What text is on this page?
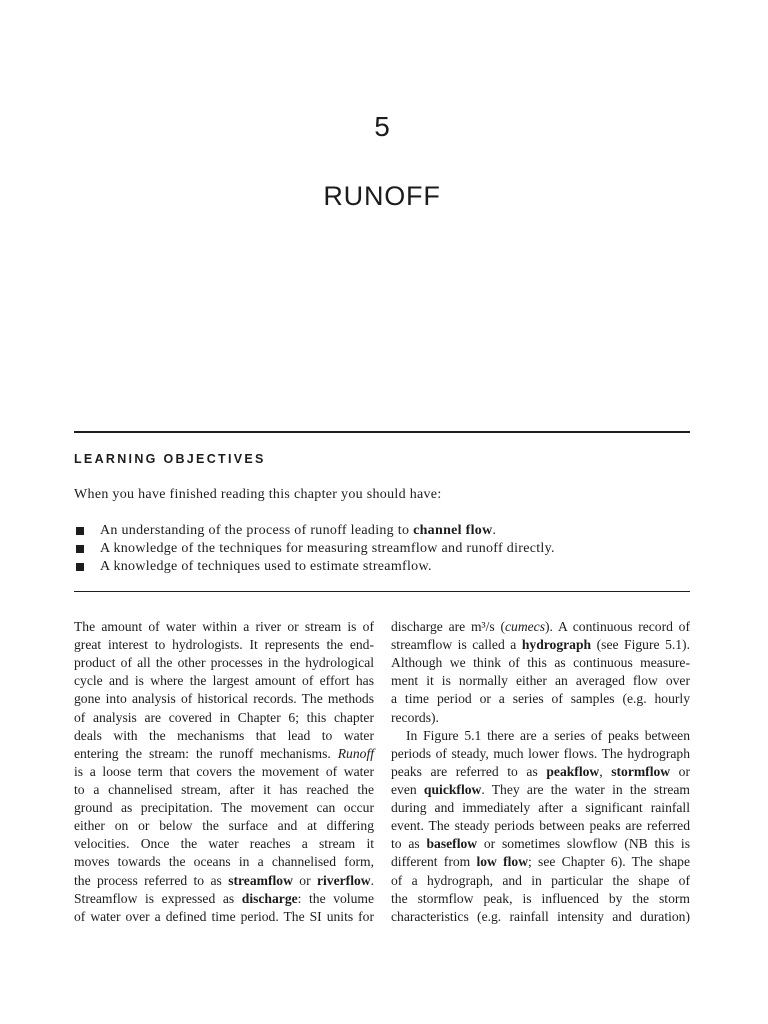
5
RUNOFF
LEARNING OBJECTIVES
When you have finished reading this chapter you should have:
An understanding of the process of runoff leading to channel flow.
A knowledge of the techniques for measuring streamflow and runoff directly.
A knowledge of techniques used to estimate streamflow.
The amount of water within a river or stream is of
great interest to hydrologists. It represents the end-
product of all the other processes in the hydrological
cycle and is where the largest amount of effort has
gone into analysis of historical records. The methods
of analysis are covered in Chapter 6; this chapter
deals with the mechanisms that lead to water
entering the stream: the runoff mechanisms. Runoff
is a loose term that covers the movement of water
to a channelised stream, after it has reached the
ground as precipitation. The movement can occur
either on or below the surface and at differing
velocities. Once the water reaches a stream it
moves towards the oceans in a channelised form,
the process referred to as streamflow or riverflow.
Streamflow is expressed as discharge: the volume
of water over a defined time period. The SI units for
discharge are m³/s (cumecs). A continuous record of
streamflow is called a hydrograph (see Figure 5.1).
Although we think of this as continuous measure-
ment it is normally either an averaged flow over
a time period or a series of samples (e.g. hourly
records).
In Figure 5.1 there are a series of peaks between
periods of steady, much lower flows. The hydrograph
peaks are referred to as peakflow, stormflow or
even quickflow. They are the water in the stream
during and immediately after a significant rainfall
event. The steady periods between peaks are referred
to as baseflow or sometimes slowflow (NB this is
different from low flow; see Chapter 6). The shape
of a hydrograph, and in particular the shape of
the stormflow peak, is influenced by the storm
characteristics (e.g. rainfall intensity and duration)
